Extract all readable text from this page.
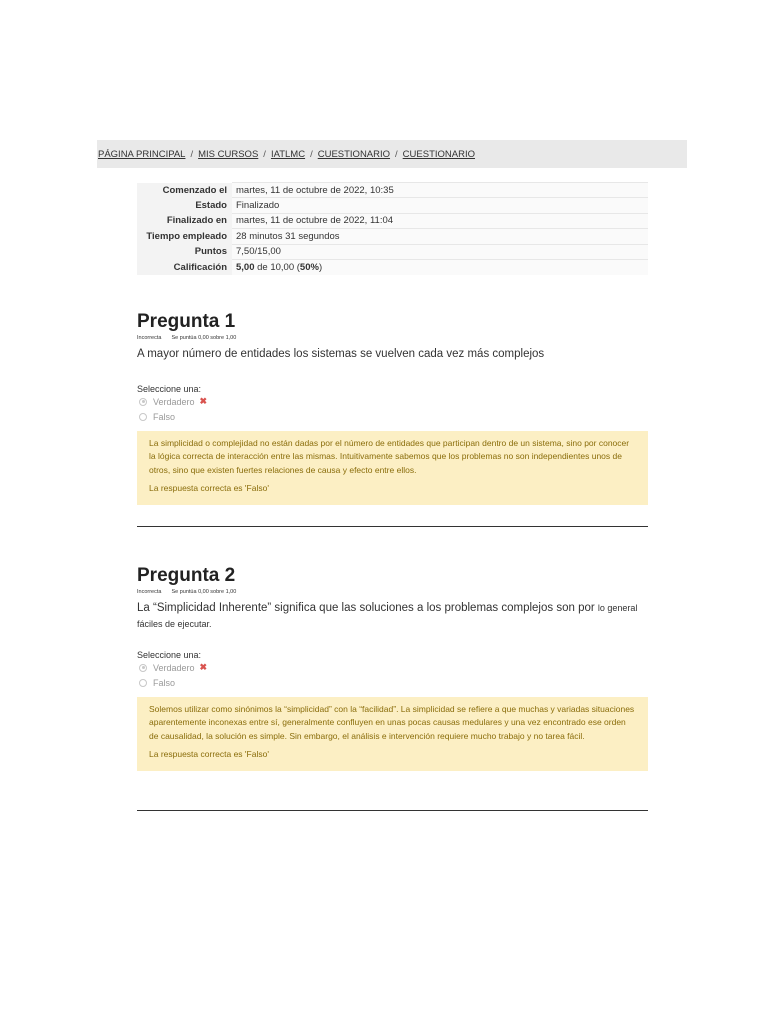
PÁGINA PRINCIPAL / MIS CURSOS / IATLMC / CUESTIONARIO / CUESTIONARIO
Comenzado el	martes, 11 de octubre de 2022, 10:35
Estado	Finalizado
Finalizado en	martes, 11 de octubre de 2022, 11:04
Tiempo empleado	28 minutos 31 segundos
Puntos	7,50/15,00
Calificación	5,00 de 10,00 (50%)
Pregunta 1
Incorrecta Se puntúa 0,00 sobre 1,00
A mayor número de entidades los sistemas se vuelven cada vez más complejos
Seleccione una:
Verdadero ✖
Falso
La simplicidad o complejidad no están dadas por el número de entidades que participan dentro de un sistema, sino por conocer la lógica correcta de interacción entre las mismas. Intuitivamente sabemos que los problemas no son independientes unos de otros, sino que existen fuertes relaciones de causa y efecto entre ellos.
La respuesta correcta es 'Falso'
Pregunta 2
Incorrecta Se puntúa 0,00 sobre 1,00
La “Simplicidad Inherente” significa que las soluciones a los problemas complejos son por lo general fáciles de ejecutar.
Seleccione una:
Verdadero ✖
Falso
Solemos utilizar como sinónimos la “simplicidad” con la “facilidad”. La simplicidad se refiere a que muchas y variadas situaciones aparentemente inconexas entre sí, generalmente confluyen en unas pocas causas medulares y una vez encontrado ese orden de causalidad, la solución es simple. Sin embargo, el análisis e intervención requiere mucho trabajo y no tarea fácil.
La respuesta correcta es 'Falso'
